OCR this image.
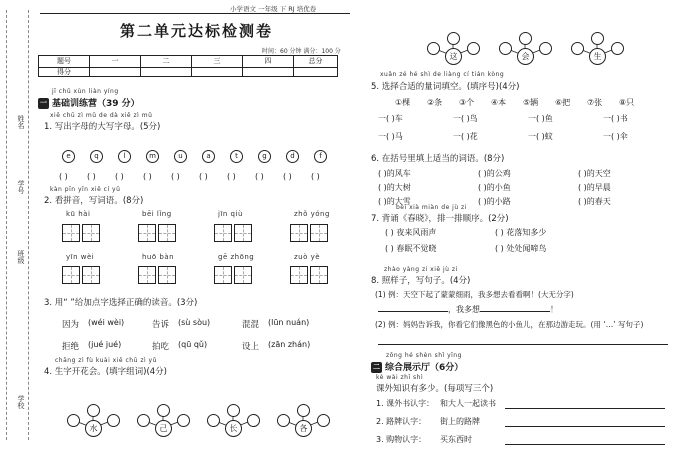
小学语文 一年级 下 RJ 培优卷
姓名
学号
班级
学校
第二单元达标检测卷
时间：60 分钟 满分：100 分
题号	一	二	三	四	总分
得分
jī chǔ xùn liàn yíng
一 基础训练营（39 分）
xiě chū zì mǔ de dà xiě zì mǔ
1. 写出字母的大写字母。(5分)
kàn pīn yīn xiě cí yǔ
2. 看拼音，写词语。(8分)
3. 用“ ”给加点字选择正确的读音。(3分)
chāng zì fù kuài xiě chū zì yǔ
4. 生字开花会。(填字组词)(4分)
xuǎn zé hé shì de liàng cí tián kòng
5. 选择合适的量词填空。(填序号)(4分)
6. 在括号里填上适当的词语。(8分)
bèi xià miàn de jù zi
7. 背诵《春晓》，排一排顺序。(2分)
zhào yàng zi xiě jù zi
8. 照样子，写句子。(4分)
(1) 例：天空下起了蒙蒙细雨，我多想去看看啊！(大无分字)
，我多想	！
(2) 例：妈妈告诉我，你看它们像黑色的小鱼儿，在那边游走玩。(用 ‘…’ 写句子)
zōng hé shèn shǐ yīng
二 综合展示厅（6分）
kè wài zhī shì
课外知识有多少。(每项写三个)
e
( )
q
( )
l
( )
m
( )
u
( )
a
( )
t
( )
g
( )
d
( )
f
( )
kū hài	bēi lǐng	jīn qiù	zhǒ yóng
yīn wèi	huō bàn	gē zhōng	zuò yè
因为 (wéi wèi)	告诉 (sù sòu)	混混 (lūn nuán)
拒绝 (jué jué)	拍吃 (qū qǔ)	设上 (zān zhán)
水	己	长	各
这	会	生
①棵 ②条 ③个 ④本 ⑤辆 ⑥把 ⑦张 ⑧只
一( )车	一( )鸟	一( )鱼	一( )书
一( )马	一( )花	一( )蚊	一( )伞
( )的风车	( )的公鸡	( )的天空
( )的大树	( )的小鱼	( )的早晨
( )的大雪	( )的小路	( )的春天
( ) 夜来风雨声	( ) 花落知多少
( ) 春眠不觉晓	( ) 处处闻啼鸟
1. 课外书认字： 和大人一起读书
2. 路牌认字： 街上的路牌
3. 购物认字： 买东西时
